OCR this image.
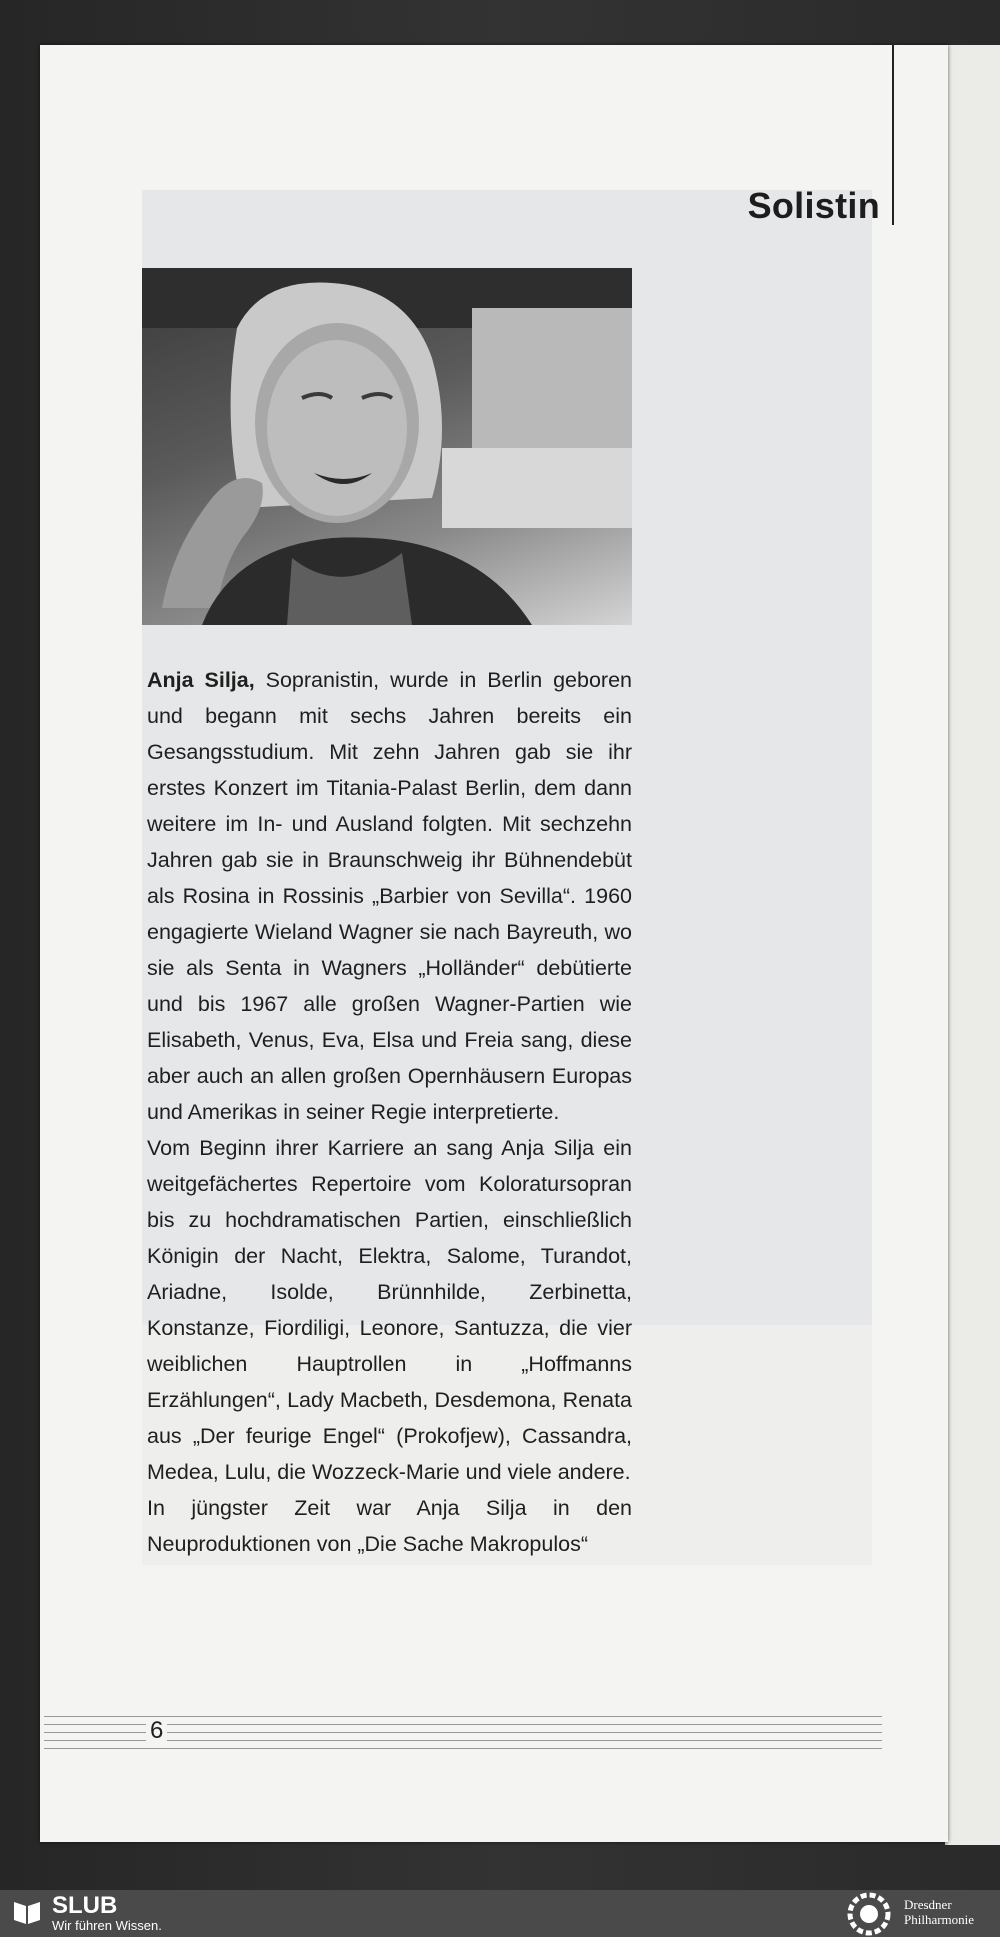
Solistin

Anja Silja, Sopranistin, wurde in Berlin geboren und begann mit sechs Jahren bereits ein Gesangsstudium. Mit zehn Jahren gab sie ihr erstes Konzert im Titania-Palast Berlin, dem dann weitere im In- und Ausland folgten. Mit sechzehn Jahren gab sie in Braunschweig ihr Bühnendebüt als Rosina in Rossinis „Barbier von Sevilla“. 1960 engagierte Wieland Wagner sie nach Bayreuth, wo sie als Senta in Wagners „Holländer“ debütierte und bis 1967 alle großen Wagner-Partien wie Elisabeth, Venus, Eva, Elsa und Freia sang, diese aber auch an allen großen Opernhäusern Europas und Amerikas in seiner Regie interpretierte.

Vom Beginn ihrer Karriere an sang Anja Silja ein weitgefächertes Repertoire vom Koloratursopran bis zu hochdramatischen Partien, einschließlich Königin der Nacht, Elektra, Salome, Turandot, Ariadne, Isolde, Brünnhilde, Zerbinetta, Konstanze, Fiordiligi, Leonore, Santuzza, die vier weiblichen Hauptrollen in „Hoffmanns Erzählungen“, Lady Macbeth, Desdemona, Renata aus „Der feurige Engel“ (Prokofjew), Cassandra, Medea, Lulu, die Wozzeck-Marie und viele andere.

In jüngster Zeit war Anja Silja in den Neuproduktionen von „Die Sache Makropulos“

6
SLUB
Wir führen Wissen.
Dresdner
Philharmonie
